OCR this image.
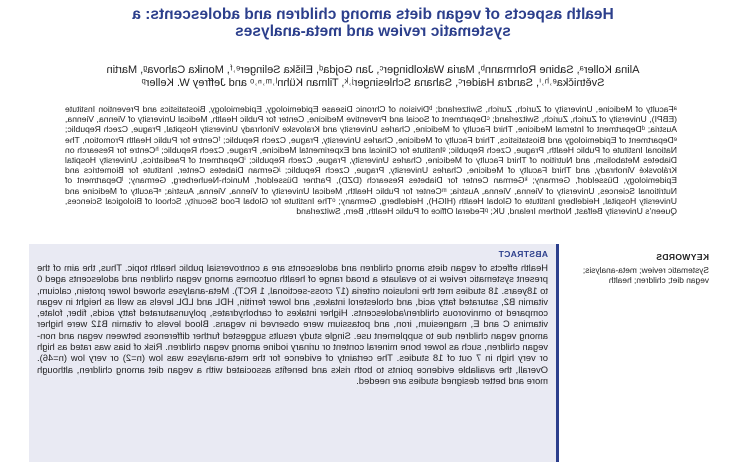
Health aspects of vegan diets among children and adolescents: a systematic review and meta-analyses

Alina Kollerᵃ, Sabine Rohrmannᵇ, Maria Wakolbingerᶜ, Jan Gojdaᵈ, Eliška Selingerᵉ˒ᶠ, Monika Cahovaᵍ, Martin Světničkaᵉ˒ʰ˒ⁱ, Sandra Haiderᶜ, Sahana Schlesingerʲ˒ᵏ, Tilman Kühnˡ˒ᵐ˒ⁿ˒ᵒ and Jeffrey W. Kellerᵖ

ᵃFaculty of Medicine, University of Zurich, Zurich, Switzerland; ᵇDivision of Chronic Disease Epidemiology, Epidemiology, Biostatistics and Prevention Institute (EBPI), University of Zurich, Zurich, Switzerland; ᶜDepartment of Social and Preventive Medicine, Center for Public Health, Medical University of Vienna, Vienna, Austria; ᵈDepartment of Internal Medicine, Third Faculty of Medicine, Charles University and Kralovske Vinohrady University Hospital, Prague, Czech Republic; ᵉDepartment of Epidemiology and Biostatistics, Third Faculty of Medicine, Charles University, Prague, Czech Republic; ᶠCentre for Public Health Promotion, The National Institute of Public Health, Prague, Czech Republic; ᵍInstitute for Clinical and Experimental Medicine, Prague, Czech Republic; ʰCentre for Research on Diabetes Metabolism, and Nutrition of Third Faculty of Medicine, Charles University, Prague, Czech Republic; ⁱDepartment of Paediatrics, University Hospital Královské Vinohrady, and Third Faculty of Medicine, Charles University, Prague, Czech Republic; ʲGerman Diabetes Center, Institute for Biometrics and Epidemiology, Düsseldorf, Germany; ᵏGerman Center for Diabetes Research (DZD), Partner Düsseldorf, Munich-Neuherberg, Germany; ˡDepartment of Nutritional Sciences, University of Vienna, Vienna, Austria; ᵐCenter for Public Health, Medical University of Vienna, Vienna, Austria; ⁿFaculty of Medicine and University Hospital, Heidelberg Institute of Global Health (HIGH), Heidelberg, Germany; ᵒThe Institute for Global Food Security, School of Biological Sciences, Queen's University Belfast, Northern Ireland, UK; ᵖFederal Office of Public Health, Bern, Switzerland

KEYWORDS
Systematic review; meta-analysis; vegan diet; children; health
ABSTRACT

Health effects of vegan diets among children and adolescents are a controversial public health topic. Thus, the aim of the present systematic review is to evaluate a broad range of health outcomes among vegan children and adolescents aged 0 to 18years. 18 studies met the inclusion criteria (17 cross-sectional, 1 RCT). Meta-analyses showed lower protein, calcium, vitamin B2, saturated fatty acid, and cholesterol intakes, and lower ferritin, HDL and LDL levels as well as height in vegan compared to omnivorous children/adolescents. Higher intakes of carbohydrates, polyunsaturated fatty acids, fiber, folate, vitamins C and E, magnesium, iron, and potassium were observed in vegans. Blood levels of vitamin B12 were higher among vegan children due to supplement use. Single study results suggested further differences between vegan and non-vegan children, such as lower bone mineral content or urinary iodine among vegan children. Risk of bias was rated as high or very high in 7 out of 18 studies. The certainty of evidence for the meta-analyses was low (n=2) or very low (n=46). Overall, the available evidence points to both risks and benefits associated with a vegan diet among children, although more and better designed studies are needed.
